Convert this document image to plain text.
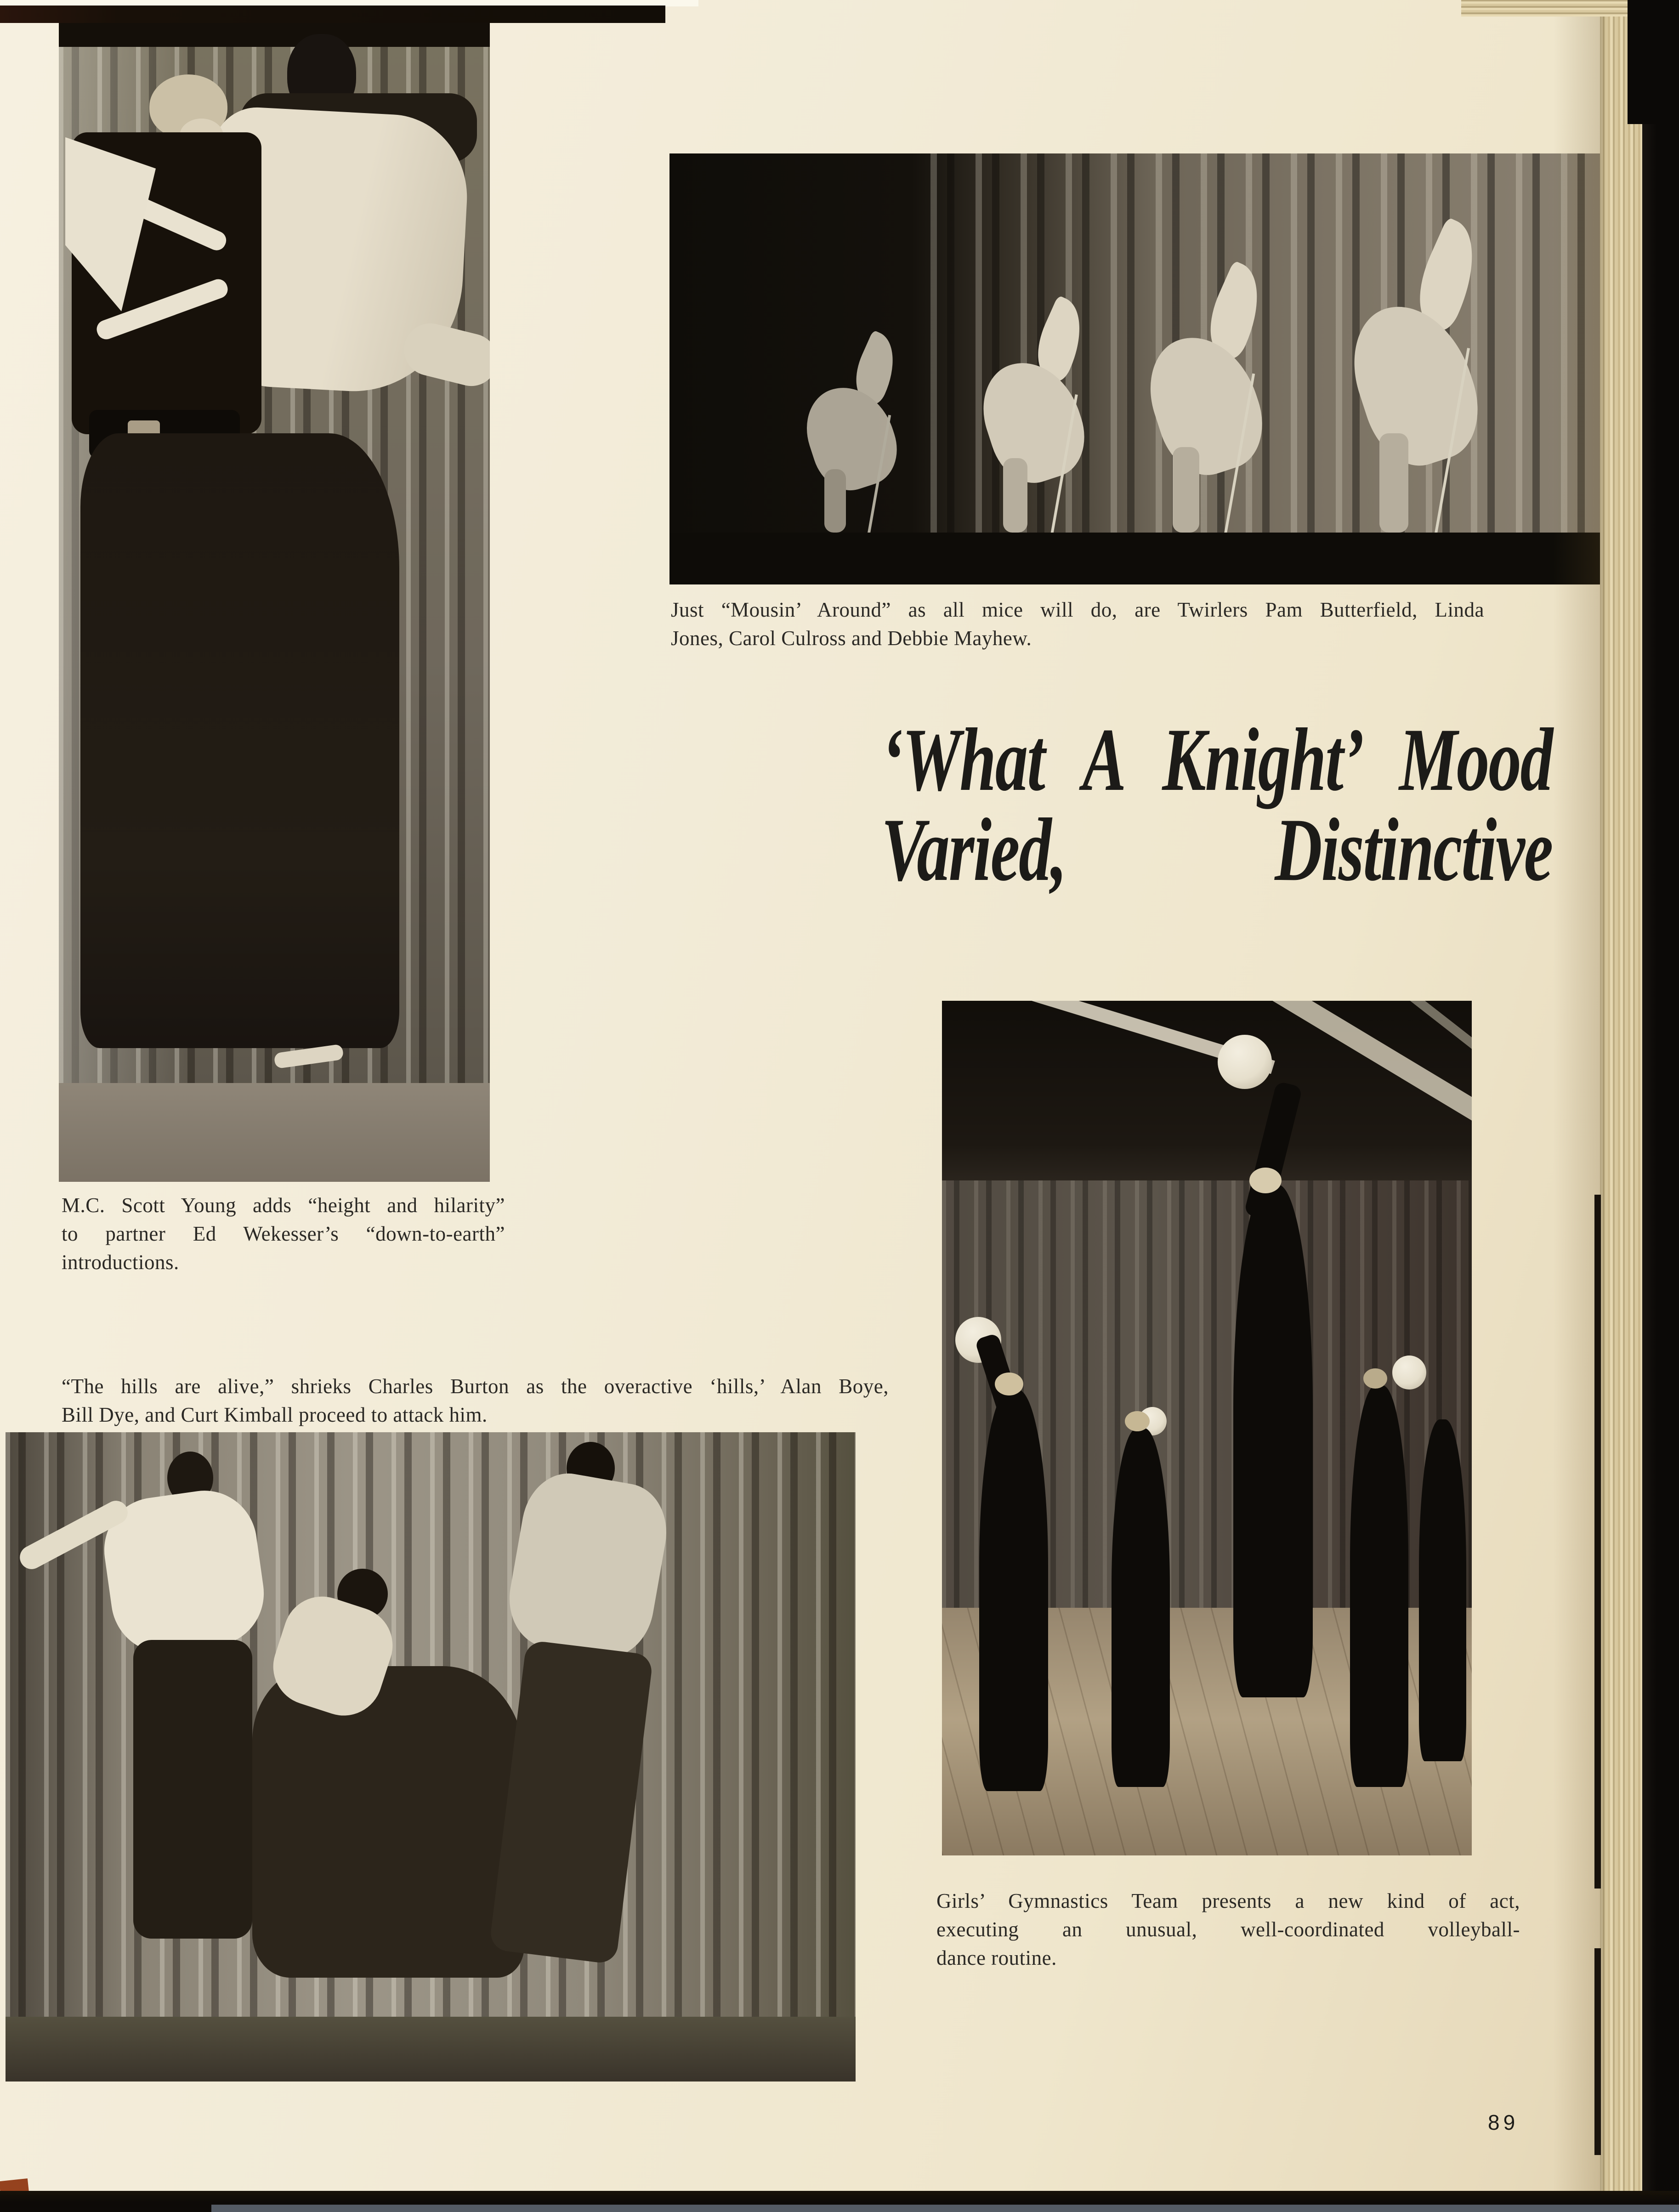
Just “Mousin’ Around” as all mice will do, are Twirlers Pam Butterfield, Linda
Jones, Carol Culross and Debbie Mayhew.
‘What A Knight’ Mood
Varied, Distinctive
M.C. Scott Young adds “height and hilarity”
to partner Ed Wekesser’s “down-to-earth”
introductions.
“The hills are alive,” shrieks Charles Burton as the overactive ‘hills,’ Alan Boye,
Bill Dye, and Curt Kimball proceed to attack him.
Girls’ Gymnastics Team presents a new kind of act,
executing an unusual, well-coordinated volleyball-
dance routine.
89
